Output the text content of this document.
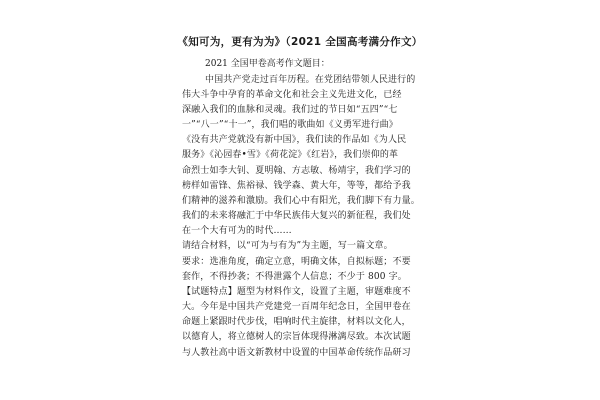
《知可为，更有为为》（2021 全国高考满分作文）
2021 全国甲卷高考作文题目：
中国共产党走过百年历程。在党团结带领人民进行的
伟大斗争中孕育的革命文化和社会主义先进文化，已经
深融入我们的血脉和灵魂。我们过的节日如“五四”“七
一”“八一”“十一”，我们唱的歌曲如《义勇军进行曲》
《没有共产党就没有新中国》，我们读的作品如《为人民
服务》《沁园春•雪》《荷花淀》《红岩》，我们崇仰的革
命烈士如李大钊、夏明翰、方志敏、杨靖宇，我们学习的
榜样如雷锋、焦裕禄、钱学森、黄大年，等等，都给予我
们精神的滋养和激励。我们心中有阳光，我们脚下有力量。
我们的未来将融汇于中华民族伟大复兴的新征程，我们处
在一个大有可为的时代……
请结合材料，以“可为与有为”为主题，写一篇文章。
要求：选准角度，确定立意，明确文体，自拟标题；不要
套作，不得抄袭；不得泄露个人信息；不少于 800 字。
【试题特点】题型为材料作文，设置了主题，审题难度不
大。今年是中国共产党建党一百周年纪念日，全国甲卷在
命题上紧跟时代步伐，唱响时代主旋律，材料以文化人，
以德育人，将立德树人的宗旨体现得淋漓尽致。本次试题
与人教社高中语文新教材中设置的中国革命传统作品研习
